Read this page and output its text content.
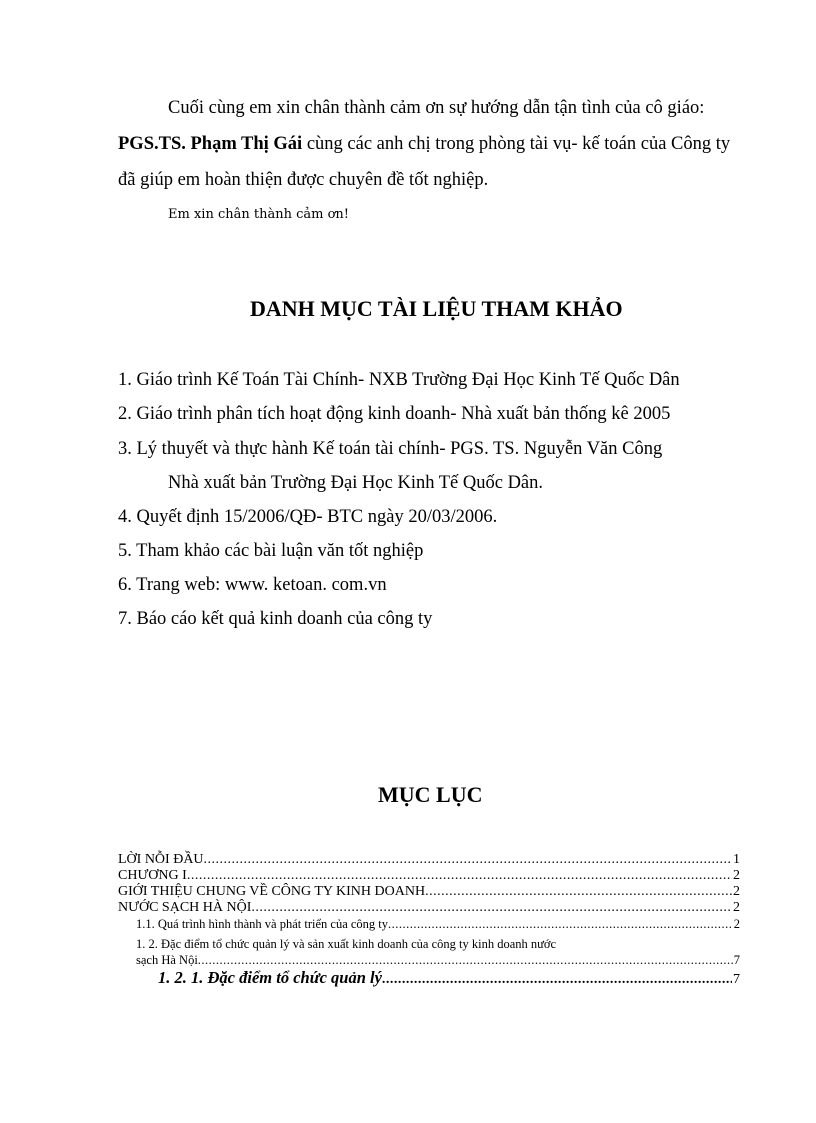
Cuối cùng em xin chân thành cảm ơn sự hướng dẫn tận tình của cô giáo:
PGS.TS. Phạm Thị Gái cùng các anh chị trong phòng tài vụ- kế toán của Công ty
đã giúp em hoàn thiện được chuyên đề tốt nghiệp.
Em xin chân thành cảm ơn!
DANH MỤC TÀI LIỆU THAM KHẢO
1. Giáo trình Kế Toán Tài Chính- NXB Trường Đại Học Kinh Tế Quốc Dân
2. Giáo trình phân tích hoạt động kinh doanh- Nhà xuất bản thống kê 2005
3. Lý thuyết và thực hành Kế toán tài chính- PGS. TS. Nguyễn Văn Công
Nhà xuất bản Trường Đại Học Kinh Tế Quốc Dân.
4. Quyết định 15/2006/QĐ- BTC ngày 20/03/2006.
5. Tham khảo các bài luận văn tốt nghiệp
6. Trang web: www. ketoan. com.vn
7. Báo cáo kết quả kinh doanh của công ty
MỤC LỤC
LỜI NỖI ĐẦU .....	1
CHƯƠNG I .....	2
GIỚI THIỆU CHUNG VỀ CÔNG TY KINH DOANH .....	2
NƯỚC SẠCH HÀ NỘI .....	2
1.1. Quá trình hình thành và phát triển của công ty .....	2
1. 2. Đặc điểm tổ chức quản lý và sản xuất kinh doanh của công ty kinh doanh nước
sạch Hà Nội .....	7
1. 2. 1. Đặc điểm tổ chức quản lý .....	7
